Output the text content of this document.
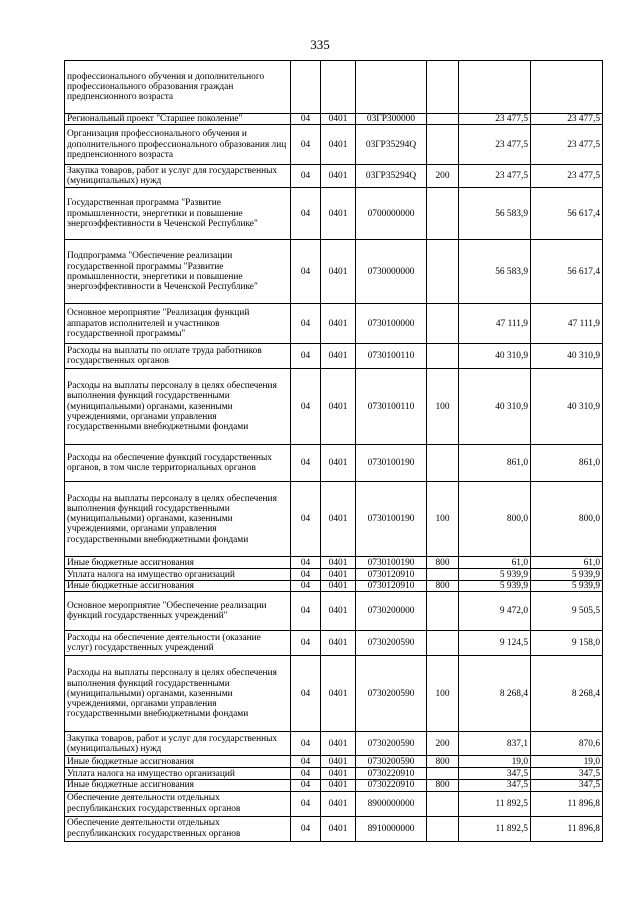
335
профессионального обучения и дополнительного профессионального образования граждан предпенсионного возраста						
Региональный проект "Старшее поколение"	04	0401	03ГP300000		23 477,5	23 477,5
Организация профессионального обучения и дополнительного профессионального образования лиц предпенсионного возраста	04	0401	03ГP35294Q		23 477,5	23 477,5
Закупка товаров, работ и услуг для государственных (муниципальных) нужд	04	0401	03ГP35294Q	200	23 477,5	23 477,5
Государственная программа "Развитие промышленности, энергетики и повышение энергоэффективности в Чеченской Республике"	04	0401	0700000000		56 583,9	56 617,4
Подпрограмма "Обеспечение реализации государственной программы "Развитие промышленности, энергетики и повышение энергоэффективности в Чеченской Республике"	04	0401	0730000000		56 583,9	56 617,4
Основное мероприятие "Реализация функций аппаратов исполнителей и участников государственной программы"	04	0401	0730100000		47 111,9	47 111,9
Расходы на выплаты по оплате труда работников государственных органов	04	0401	0730100110		40 310,9	40 310,9
Расходы на выплаты персоналу в целях обеспечения выполнения функций государственными (муниципальными) органами, казенными учреждениями, органами управления государственными внебюджетными фондами	04	0401	0730100110	100	40 310,9	40 310,9
Расходы на обеспечение функций государственных органов, в том числе территориальных органов	04	0401	0730100190		861,0	861,0
Расходы на выплаты персоналу в целях обеспечения выполнения функций государственными (муниципальными) органами, казенными учреждениями, органами управления государственными внебюджетными фондами	04	0401	0730100190	100	800,0	800,0
Иные бюджетные ассигнования	04	0401	0730100190	800	61,0	61,0
Уплата налога на имущество организаций	04	0401	0730120910		5 939,9	5 939,9
Иные бюджетные ассигнования	04	0401	0730120910	800	5 939,9	5 939,9
Основное мероприятие "Обеспечение реализации функций государственных учреждений"	04	0401	0730200000		9 472,0	9 505,5
Расходы на обеспечение деятельности (оказание услуг) государственных учреждений	04	0401	0730200590		9 124,5	9 158,0
Расходы на выплаты персоналу в целях обеспечения выполнения функций государственными (муниципальными) органами, казенными учреждениями, органами управления государственными внебюджетными фондами	04	0401	0730200590	100	8 268,4	8 268,4
Закупка товаров, работ и услуг для государственных (муниципальных) нужд	04	0401	0730200590	200	837,1	870,6
Иные бюджетные ассигнования	04	0401	0730200590	800	19,0	19,0
Уплата налога на имущество организаций	04	0401	0730220910		347,5	347,5
Иные бюджетные ассигнования	04	0401	0730220910	800	347,5	347,5
Обеспечение деятельности отдельных республиканских государственных органов	04	0401	8900000000		11 892,5	11 896,8
Обеспечение деятельности отдельных республиканских государственных органов	04	0401	8910000000		11 892,5	11 896,8
